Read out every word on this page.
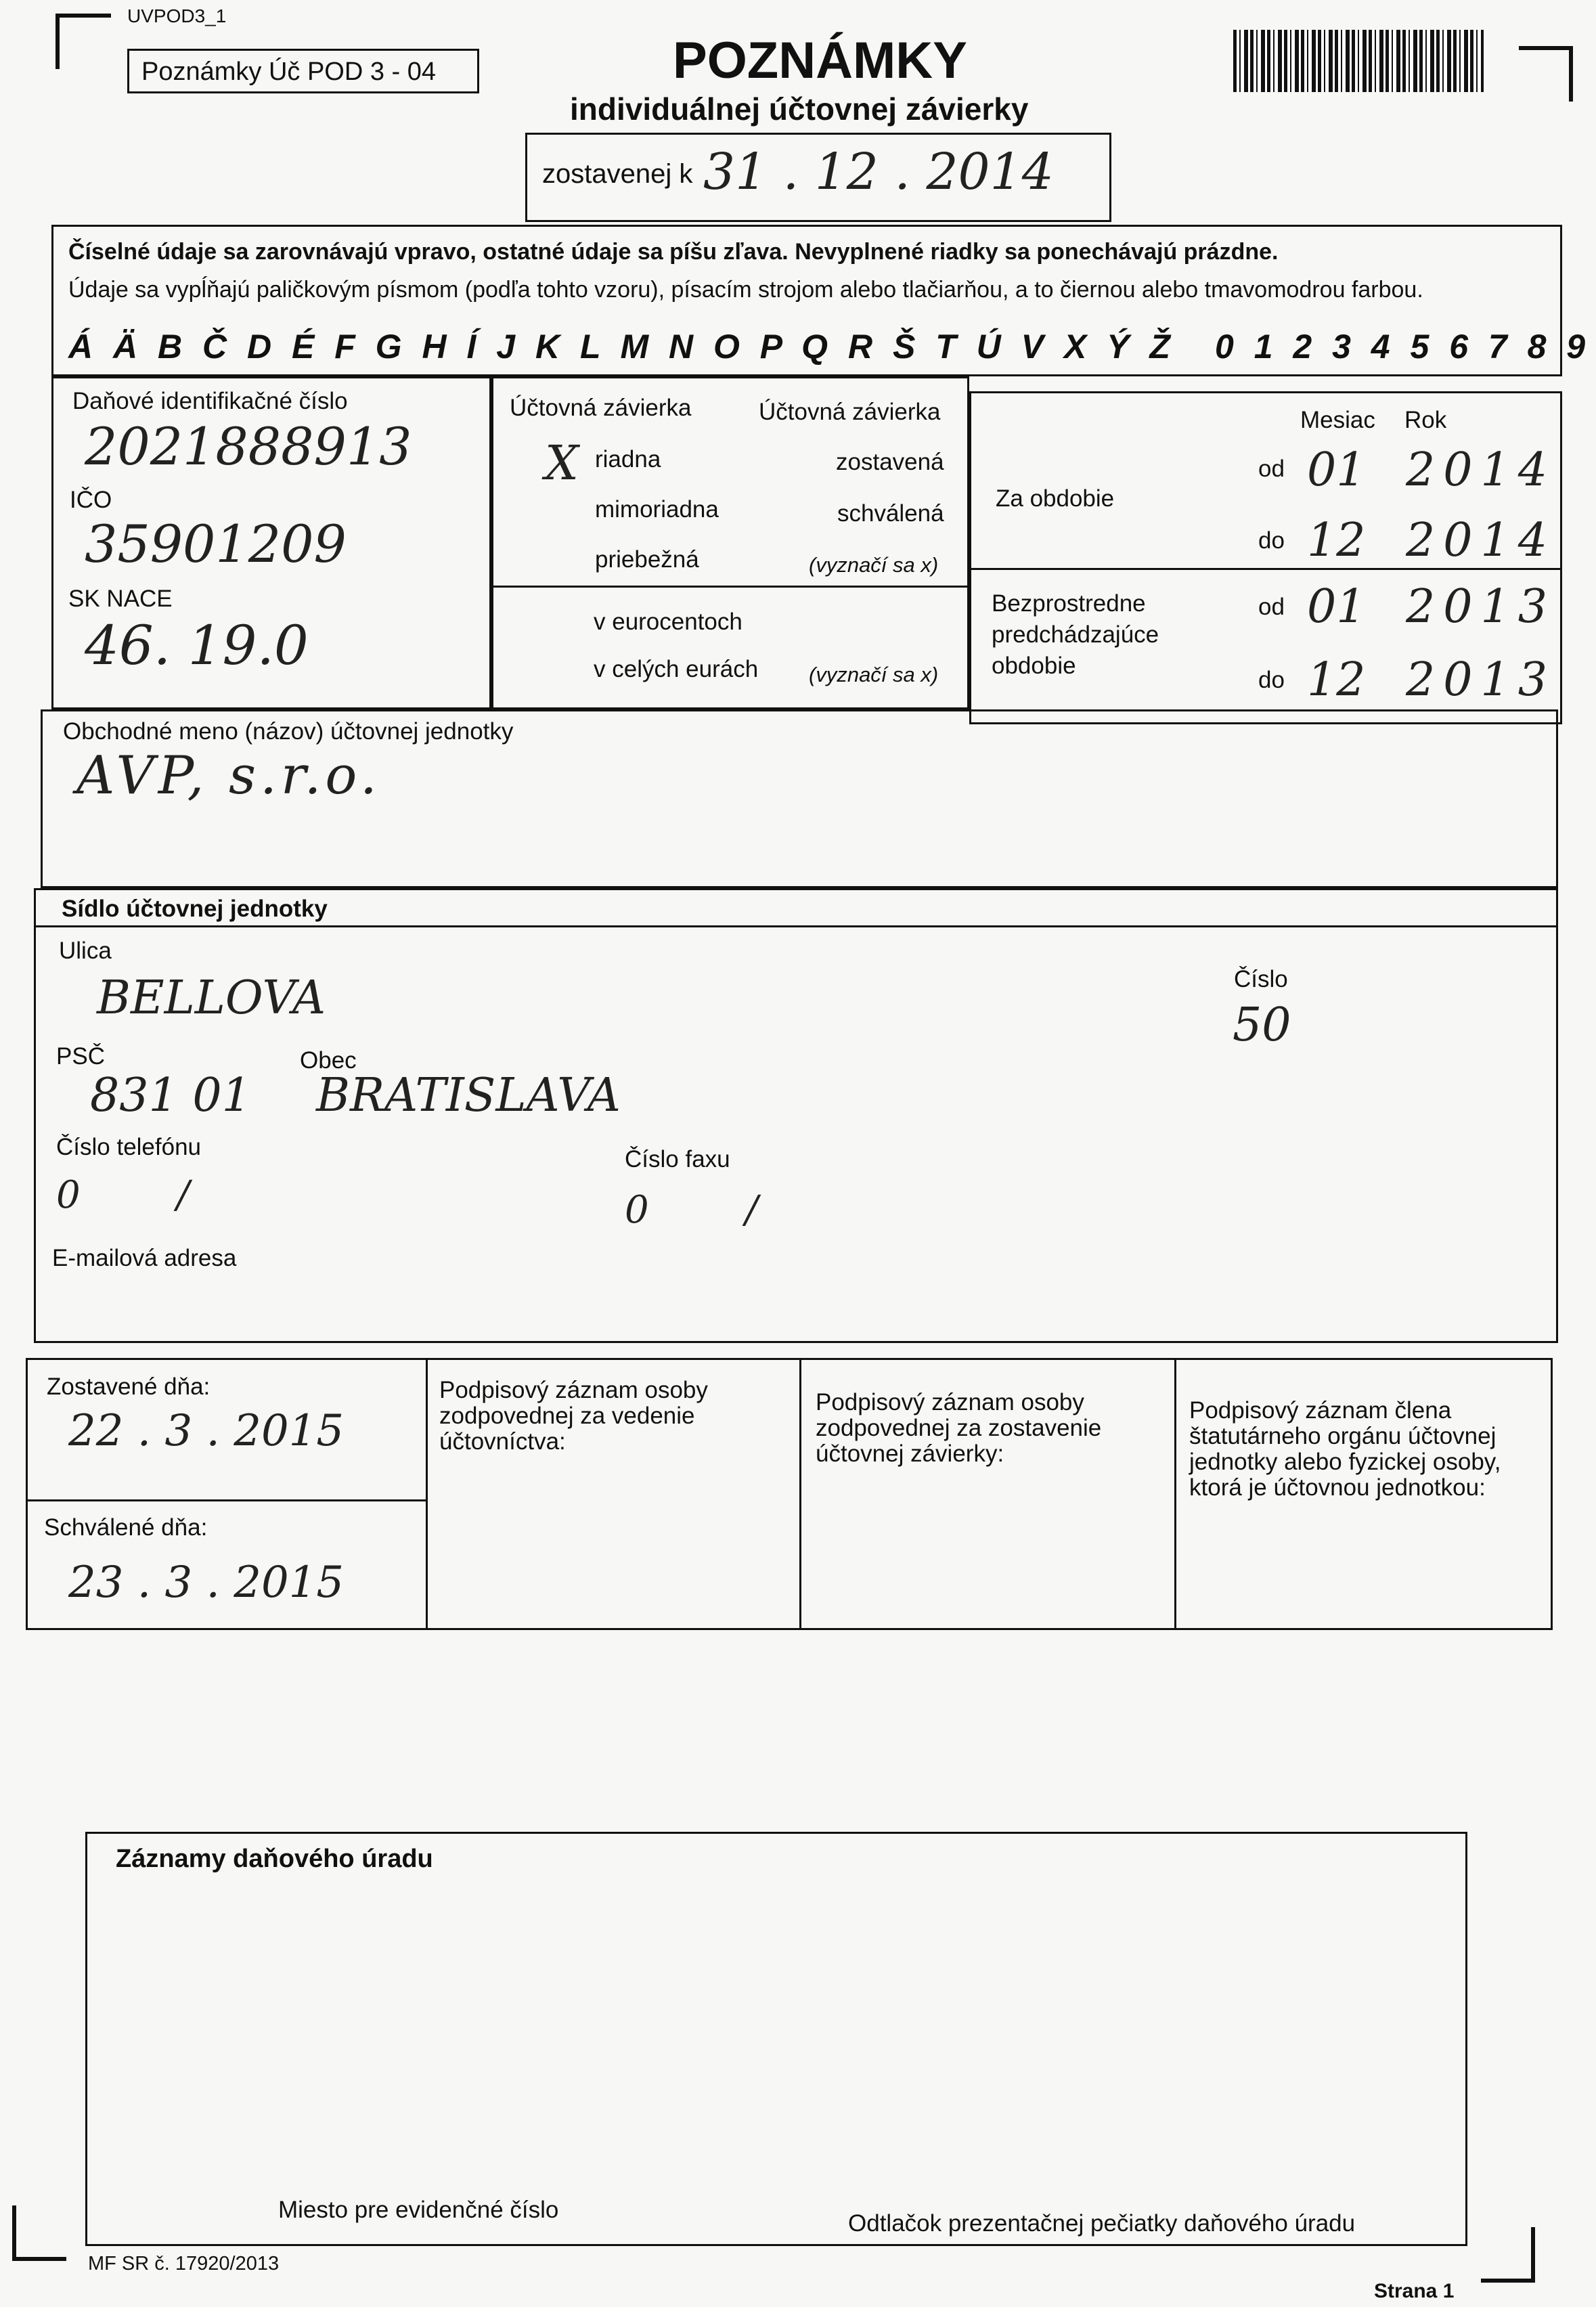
UVPOD3_1
Poznámky Úč POD 3 - 04	POZNÁMKY
individuálnej účtovnej závierky
zostavenej k 31 . 12 . 2014
Číselné údaje sa zarovnávajú vpravo, ostatné údaje sa píšu zľava. Nevyplnené riadky sa ponechávajú prázdne.
Údaje sa vypĺňajú paličkovým písmom (podľa tohto vzoru), písacím strojom alebo tlačiarňou, a to čiernou alebo tmavomodrou farbou.
Á Ä B Č D É F G H Í J K L M N O P Q R Š T Ú V X Ý Ž 0 1 2 3 4 5 6 7 8 9
Daňové identifikačné číslo
2021888913
IČO
35901209
SK NACE
46. 19.0
Účtovná závierka	Účtovná závierka
X riadna
mimoriadna
priebežná
zostavená
schválená
(vyznačí sa x)
v eurocentoch
v celých eurách (vyznačí sa x)
Mesiac Rok
Za obdobie
od 01 2014
do 12 2014
Bezprostredne predchádzajúce obdobie
od 01 2013
do 12 2013
Obchodné meno (názov) účtovnej jednotky
AVP, s.r.o.
Sídlo účtovnej jednotky
Ulica
BELLOVA	Číslo
50
PSČ
831 01
Obec
BRATISLAVA
Číslo telefónu
0        /
Číslo faxu
0        /
E-mailová adresa
Zostavené dňa:
22 . 3 . 2015
Schválené dňa:
23 . 3 . 2015
Podpisový záznam osoby zodpovednej za vedenie účtovníctva:
Podpisový záznam osoby zodpovednej za zostavenie účtovnej závierky:
Podpisový záznam člena štatutárneho orgánu účtovnej jednotky alebo fyzickej osoby, ktorá je účtovnou jednotkou:
Záznamy daňového úradu
Miesto pre evidenčné číslo
Odtlačok prezentačnej pečiatky daňového úradu
MF SR č. 17920/2013
Strana 1
